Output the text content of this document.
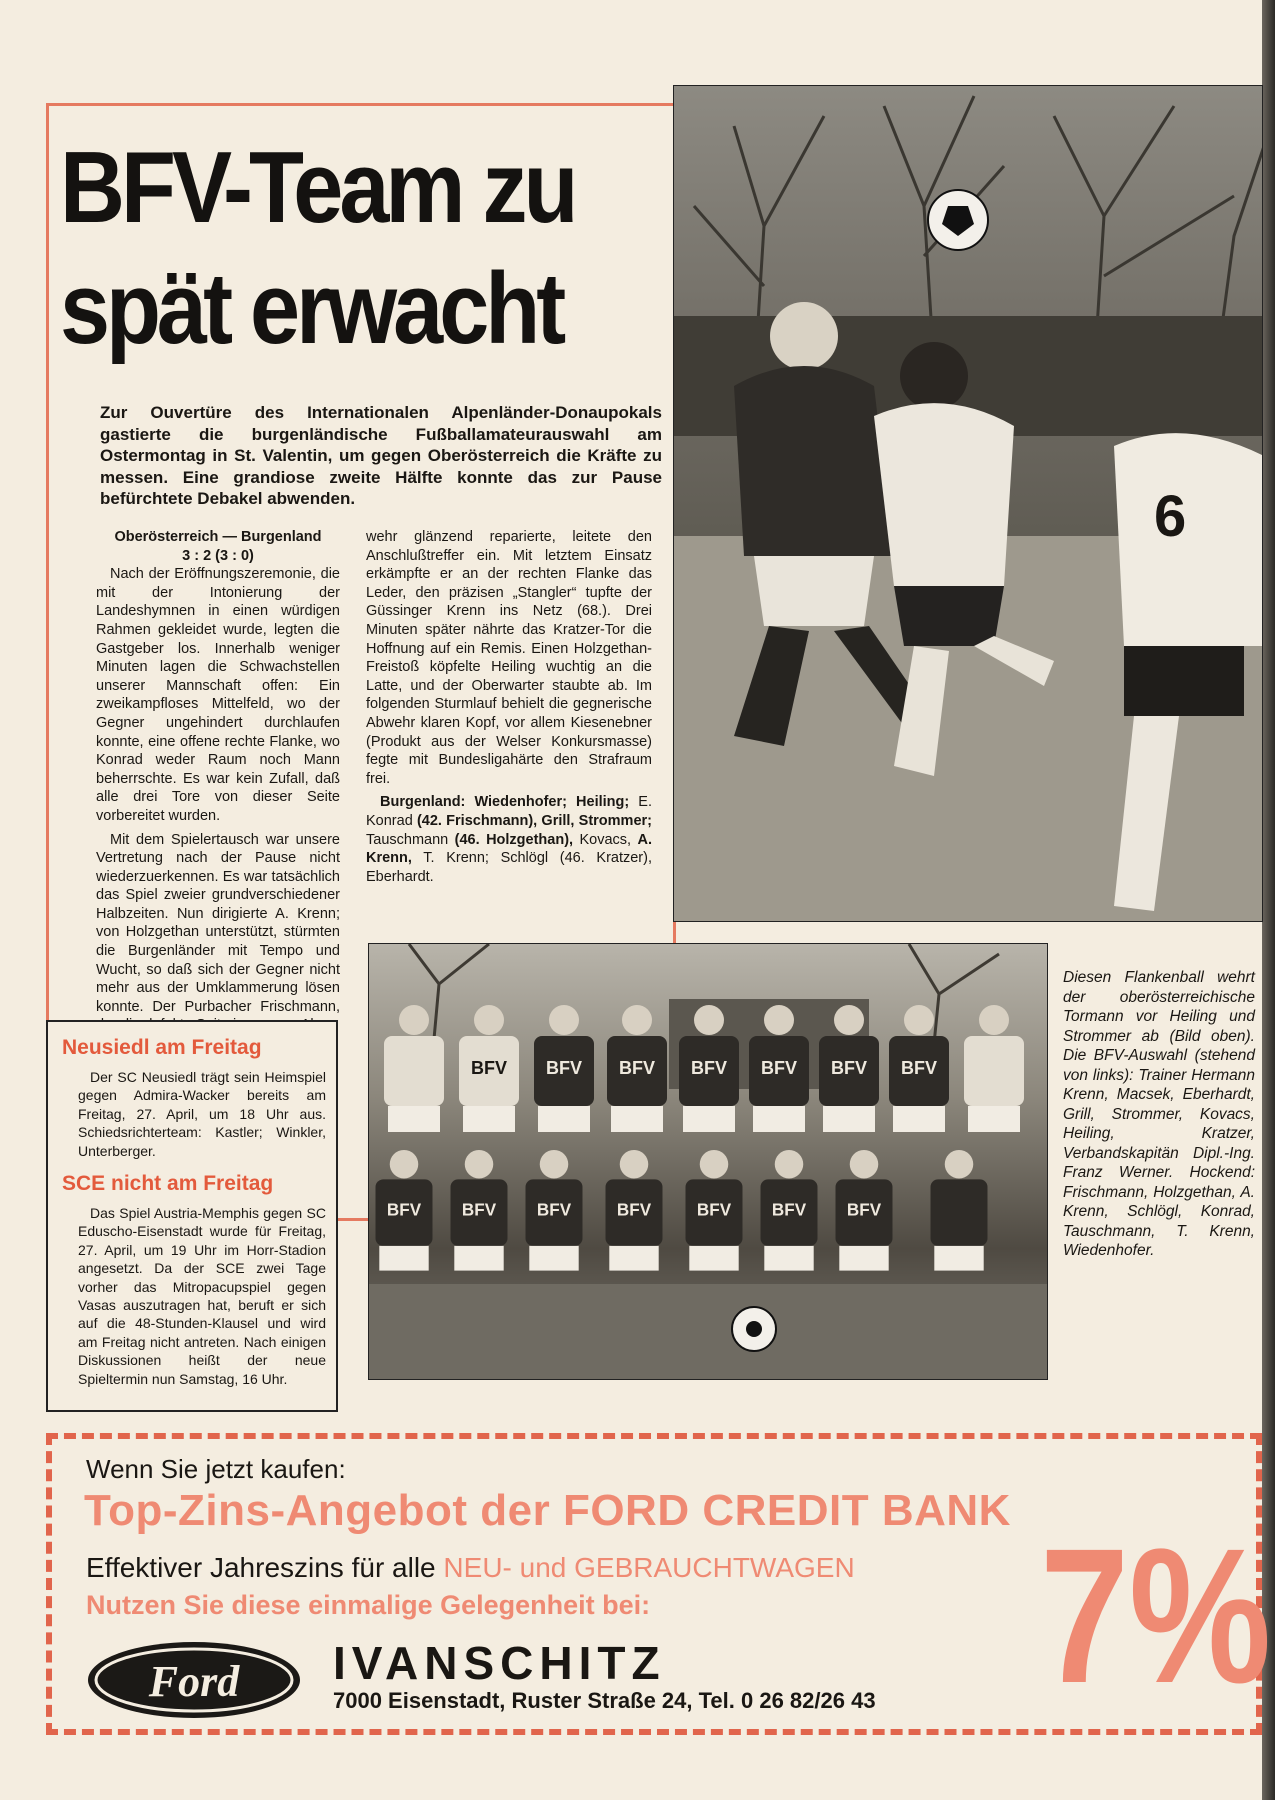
BFV-Team zu
spät erwacht

Zur Ouvertüre des Internationalen Alpenländer-Donaupokals gastierte die burgenländische Fußballamateurauswahl am Ostermontag in St. Valentin, um gegen Oberösterreich die Kräfte zu messen. Eine grandiose zweite Hälfte konnte das zur Pause befürchtete Debakel abwenden.

Oberösterreich — Burgenland
3 : 2 (3 : 0)

Nach der Eröffnungszeremonie, die mit der Intonierung der Landeshymnen in einen würdigen Rahmen gekleidet wurde, legten die Gastgeber los. Innerhalb weniger Minuten lagen die Schwachstellen unserer Mannschaft offen: Ein zweikampfloses Mittelfeld, wo der Gegner ungehindert durchlaufen konnte, eine offene rechte Flanke, wo Konrad weder Raum noch Mann beherrschte. Es war kein Zufall, daß alle drei Tore von dieser Seite vorbereitet wurden.

Mit dem Spielertausch war unsere Vertretung nach der Pause nicht wiederzuerkennen. Es war tatsächlich das Spiel zweier grundverschiedener Halbzeiten. Nun dirigierte A. Krenn; von Holzgethan unterstützt, stürmten die Burgenländer mit Tempo und Wucht, so daß sich der Gegner nicht mehr aus der Umklammerung lösen konnte. Der Purbacher Frischmann,

wehr glänzend reparierte, leitete den Anschlußtreffer ein. Mit letztem Einsatz erkämpfte er an der rechten Flanke das Leder, den präzisen „Stangler“ tupfte der Güssinger Krenn ins Netz (68.). Drei Minuten später nährte das Kratzer-Tor die Hoffnung auf ein Remis. Einen Holzgethan-Freistoß köpfelte Heiling wuchtig an die Latte, und der Oberwarter staubte ab. Im folgenden Sturmlauf behielt die gegnerische Abwehr klaren Kopf, vor allem Kiesenebner (Produkt aus der Welser Konkursmasse) fegte mit Bundesligahärte den Strafraum frei.

Burgenland: Wiedenhofer; Heiling; E. Konrad (42. Frischmann), Grill, Strommer; Tauschmann (46. Holzgethan), Kovacs, A. Krenn, T. Krenn; Schlögl (46. Kratzer), Eberhardt.

6
BFV BFV BFV BFV BFV BFV BFV
BFV BFV BFV	BFV	BFV BFV BFV

Diesen Flankenball wehrt der oberösterreichische Tormann vor Heiling und Strommer ab (Bild oben). Die BFV-Auswahl (stehend von links): Trainer Hermann Krenn, Macsek, Eberhardt, Grill, Strommer, Kovacs, Heiling, Kratzer, Verbandskapitän Dipl.-Ing. Franz Werner. Hockend: Frischmann, Holzgethan, A. Krenn, Schlögl, Konrad, Tauschmann, T. Krenn, Wiedenhofer.

Neusiedl am Freitag

Der SC Neusiedl trägt sein Heimspiel gegen Admira-Wacker bereits am Freitag, 27. April, um 18 Uhr aus. Schiedsrichterteam: Kastler; Winkler, Unterberger.

SCE nicht am Freitag

Das Spiel Austria-Memphis gegen SC Eduscho-Eisenstadt wurde für Freitag, 27. April, um 19 Uhr im Horr-Stadion angesetzt. Da der SCE zwei Tage vorher das Mitropacupspiel gegen Vasas auszutragen hat, beruft er sich auf die 48-Stunden-Klausel und wird am Freitag nicht antreten. Nach einigen Diskussionen heißt der neue Spieltermin nun Samstag, 16 Uhr.

Wenn Sie jetzt kaufen:

Top-Zins-Angebot der FORD CREDIT BANK

Effektiver Jahreszins für alle NEU- und GEBRAUCHTWAGEN

Nutzen Sie diese einmalige Gelegenheit bei: 7%

Ford IVANSCHITZ

7000 Eisenstadt, Ruster Straße 24, Tel. 0 26 82/26 43
